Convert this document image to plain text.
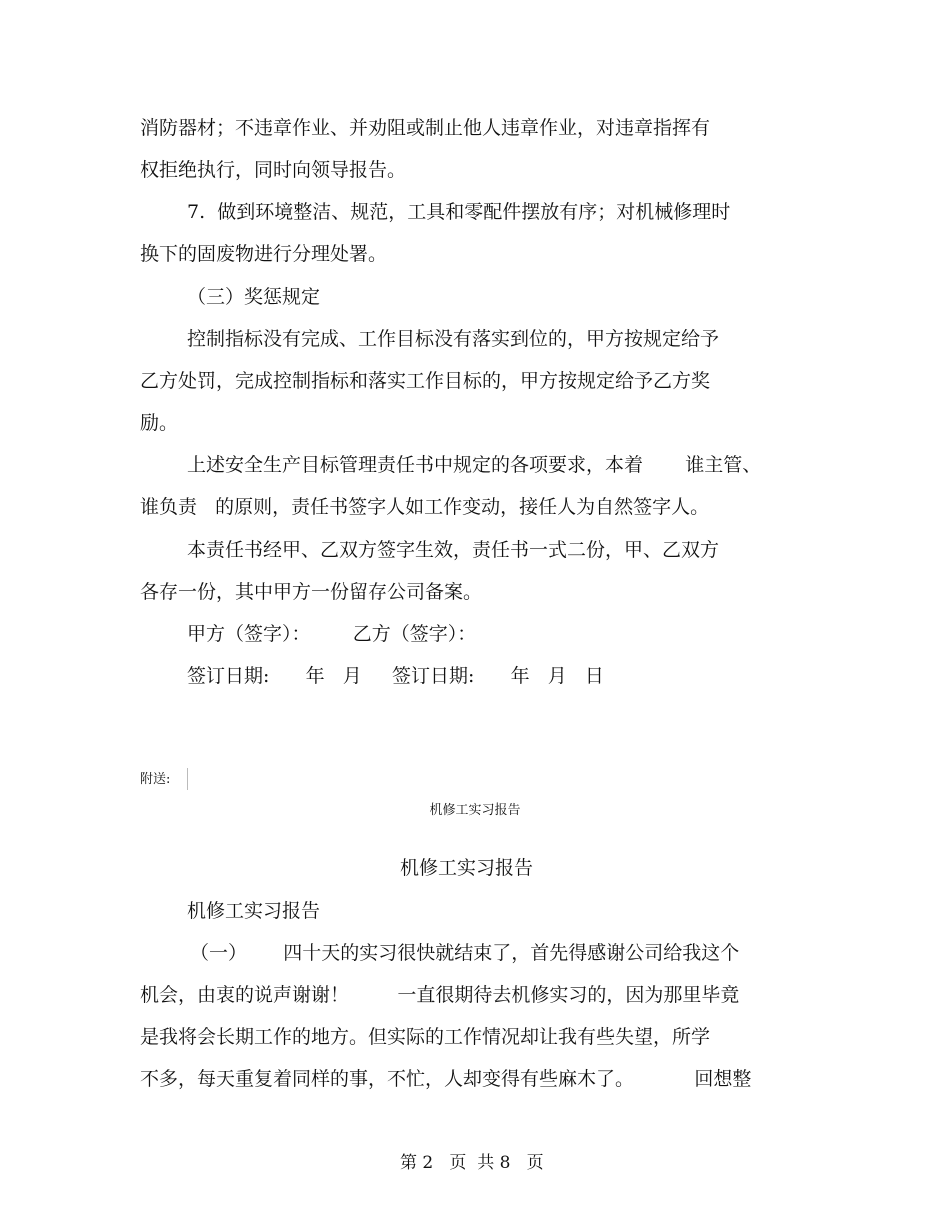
消防器材；不违章作业、并劝阻或制止他人违章作业，对违章指挥有
权拒绝执行，同时向领导报告。
7.  做到环境整洁、规范，工具和零配件摆放有序；对机械修理时
换下的固废物进行分理处署。
（三）奖惩规定
控制指标没有完成、工作目标没有落实到位的，甲方按规定给予
乙方处罚，完成控制指标和落实工作目标的，甲方按规定给予乙方奖
励。
上述安全生产目标管理责任书中规定的各项要求，本着       谁主管、
谁负责   的原则，责任书签字人如工作变动，接任人为自然签字人。
本责任书经甲、乙双方签字生效，责任书一式二份，甲、乙双方
各存一份，其中甲方一份留存公司备案。
甲方（签字）：       乙方（签字）：
签订日期:      年   月     签订日期:      年   月   日
附送:
机修工实习报告
机修工实习报告
机修工实习报告
（一）      四十天的实习很快就结束了，首先得感谢公司给我这个
机会，由衷的说声谢谢！        一直很期待去机修实习的，因为那里毕竟
是我将会长期工作的地方。但实际的工作情况却让我有些失望，所学
不多，每天重复着同样的事，不忙，人却变得有些麻木了。          回想整
第 2   页  共 8   页
